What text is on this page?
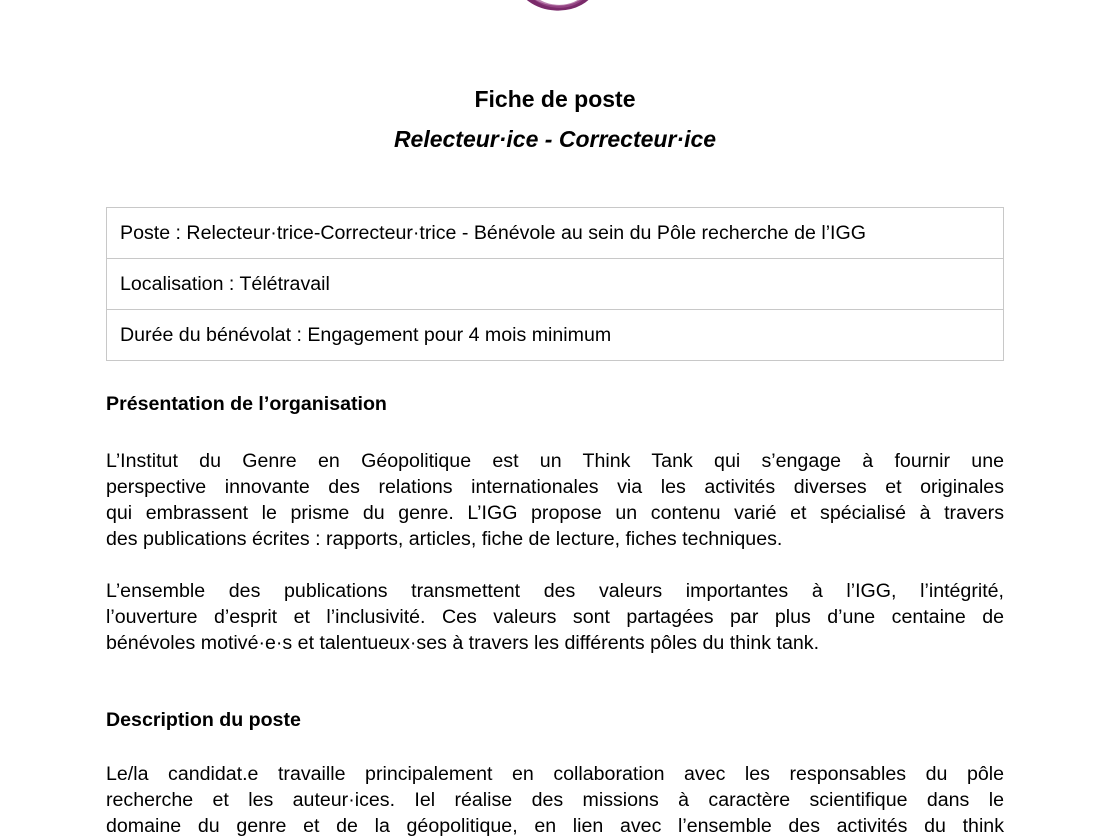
Fiche de poste
Relecteur·ice - Correcteur·ice
Poste : Relecteur·trice-Correcteur·trice - Bénévole au sein du Pôle recherche de l’IGG
Localisation : Télétravail
Durée du bénévolat : Engagement pour 4 mois minimum
Présentation de l’organisation

L’Institut du Genre en Géopolitique est un Think Tank qui s’engage à fournir une
perspective innovante des relations internationales via les activités diverses et originales
qui embrassent le prisme du genre. L’IGG propose un contenu varié et spécialisé à travers
des publications écrites : rapports, articles, fiche de lecture, fiches techniques.

L’ensemble des publications transmettent des valeurs importantes à l’IGG, l’intégrité,
l’ouverture d’esprit et l’inclusivité. Ces valeurs sont partagées par plus d’une centaine de
bénévoles motivé·e·s et talentueux·ses à travers les différents pôles du think tank.

Description du poste

Le/la candidat.e travaille principalement en collaboration avec les responsables du pôle
recherche et les auteur·ices. Iel réalise des missions à caractère scientifique dans le
domaine du genre et de la géopolitique, en lien avec l’ensemble des activités du think
